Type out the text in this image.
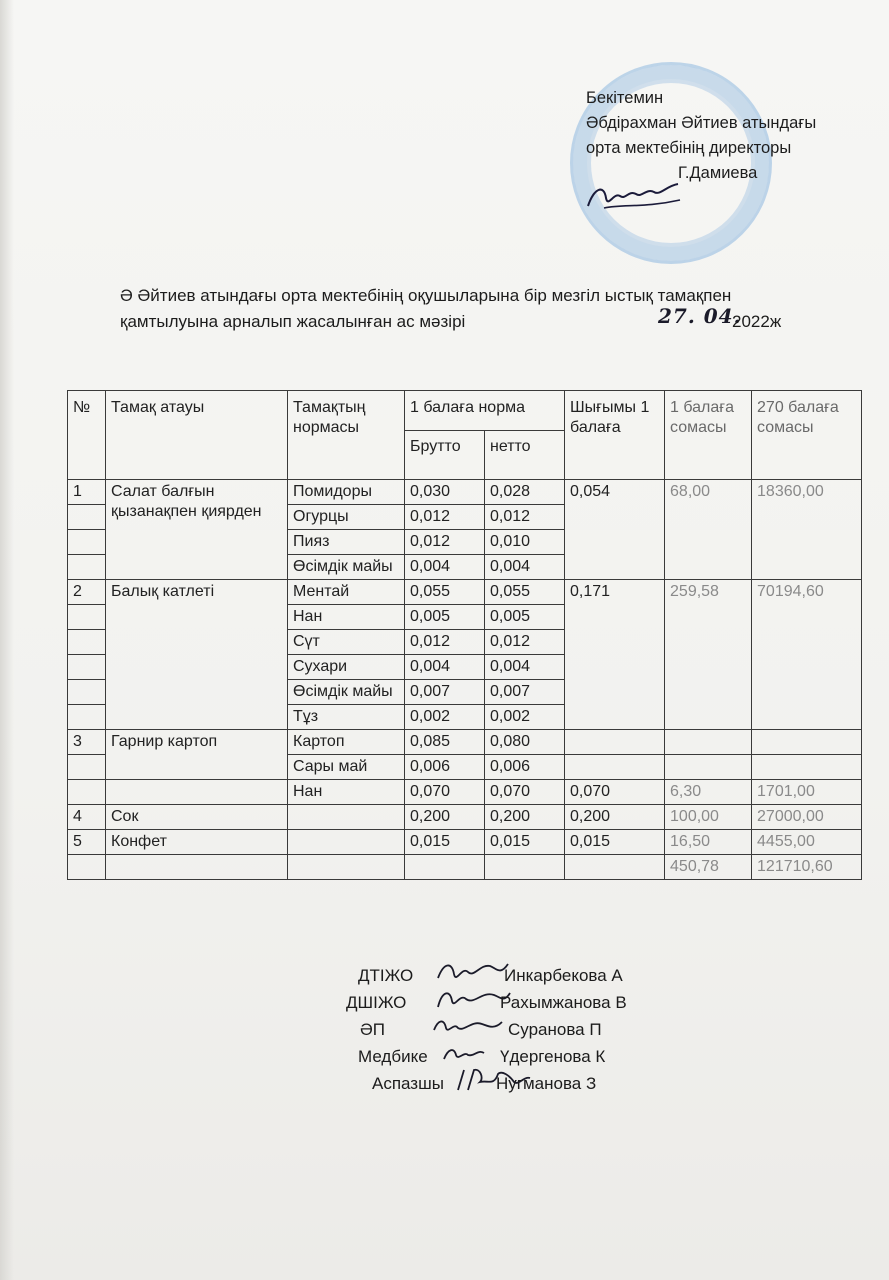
Бекітемин
Әбдірахман Әйтиев атындағы
орта мектебінің директоры
Г.Дамиева
Ә Әйтиев атындағы орта мектебінің оқушыларына бір мезгіл ыстық тамақпен
қамтылуына арналып жасалынған ас мәзірі	27. 04.
2022ж
№	Тамақ атауы	Тамақтың нормасы	1 балаға норма		Шығымы 1 балаға	1 балаға сомасы	270 балаға сомасы
			Брутто	нетто			
1	Салат балғын қызанақпен қиярден	Помидоры	0,030	0,028	0,054	68,00	18360,00
		Огурцы	0,012	0,012			
		Пияз	0,012	0,010			
		Өсімдік майы	0,004	0,004			
2	Балық катлеті	Ментай	0,055	0,055	0,171	259,58	70194,60
		Нан	0,005	0,005			
		Сүт	0,012	0,012			
		Сухари	0,004	0,004			
		Өсімдік майы	0,007	0,007			
		Тұз	0,002	0,002			
3	Гарнир картоп	Картоп	0,085	0,080			
		Сары май	0,006	0,006			
		Нан	0,070	0,070	0,070	6,30	1701,00
4	Сок		0,200	0,200	0,200	100,00	27000,00
5	Конфет		0,015	0,015	0,015	16,50	4455,00
						450,78	121710,60
ДТІЖО	Инкарбекова А
ДШІЖО	Рахымжанова В
ӘП	Суранова П
Медбике	Үдергенова К
Аспазшы	Нугманова З
